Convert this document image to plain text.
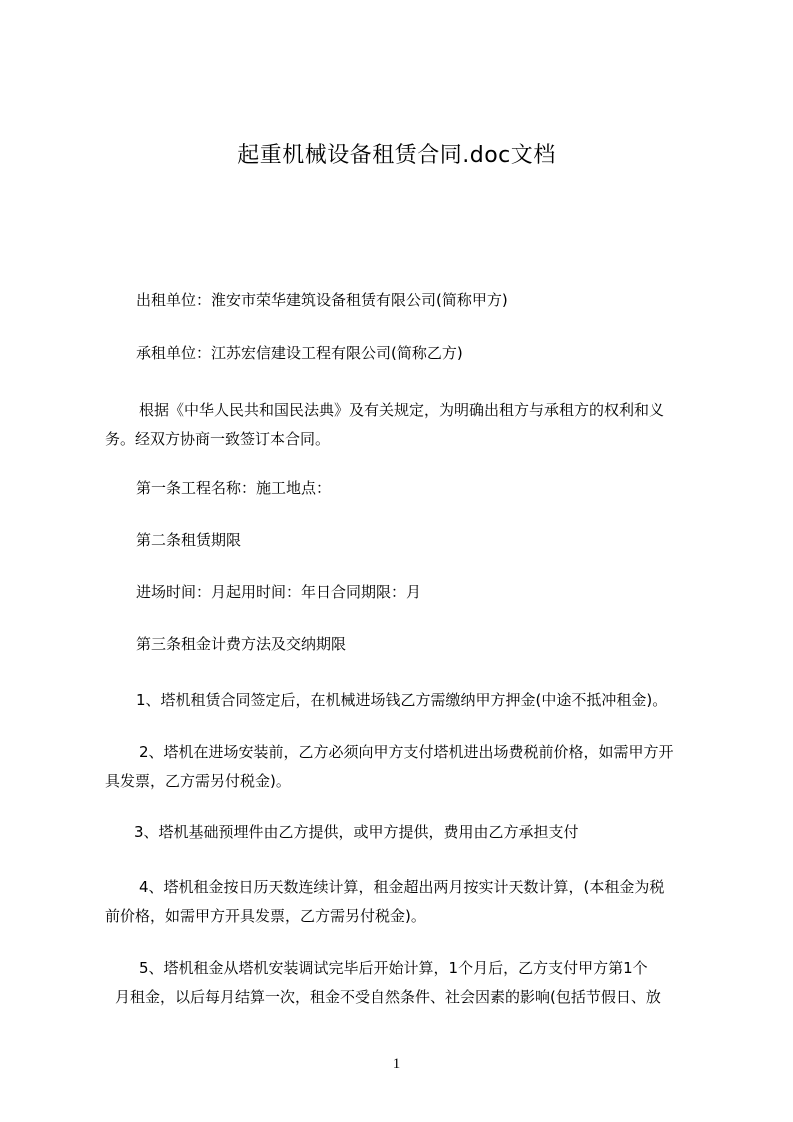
起重机械设备租赁合同.doc文档
出租单位：淮安市荣华建筑设备租赁有限公司(简称甲方)
承租单位：江苏宏信建设工程有限公司(简称乙方)
根据《中华人民共和国民法典》及有关规定，为明确出租方与承租方的权利和义
务。经双方协商一致签订本合同。
第一条工程名称：施工地点：
第二条租赁期限
进场时间：月起用时间：年日合同期限：月
第三条租金计费方法及交纳期限
1、塔机租赁合同签定后，在机械进场钱乙方需缴纳甲方押金(中途不抵冲租金)。
2、塔机在进场安装前，乙方必须向甲方支付塔机进出场费税前价格，如需甲方开
具发票，乙方需另付税金)。
3、塔机基础预埋件由乙方提供，或甲方提供，费用由乙方承担支付
4、塔机租金按日历天数连续计算，租金超出两月按实计天数计算，(本租金为税
前价格，如需甲方开具发票，乙方需另付税金)。
5、塔机租金从塔机安装调试完毕后开始计算，1个月后，乙方支付甲方第1个
月租金，以后每月结算一次，租金不受自然条件、社会因素的影响(包括节假日、放
1
